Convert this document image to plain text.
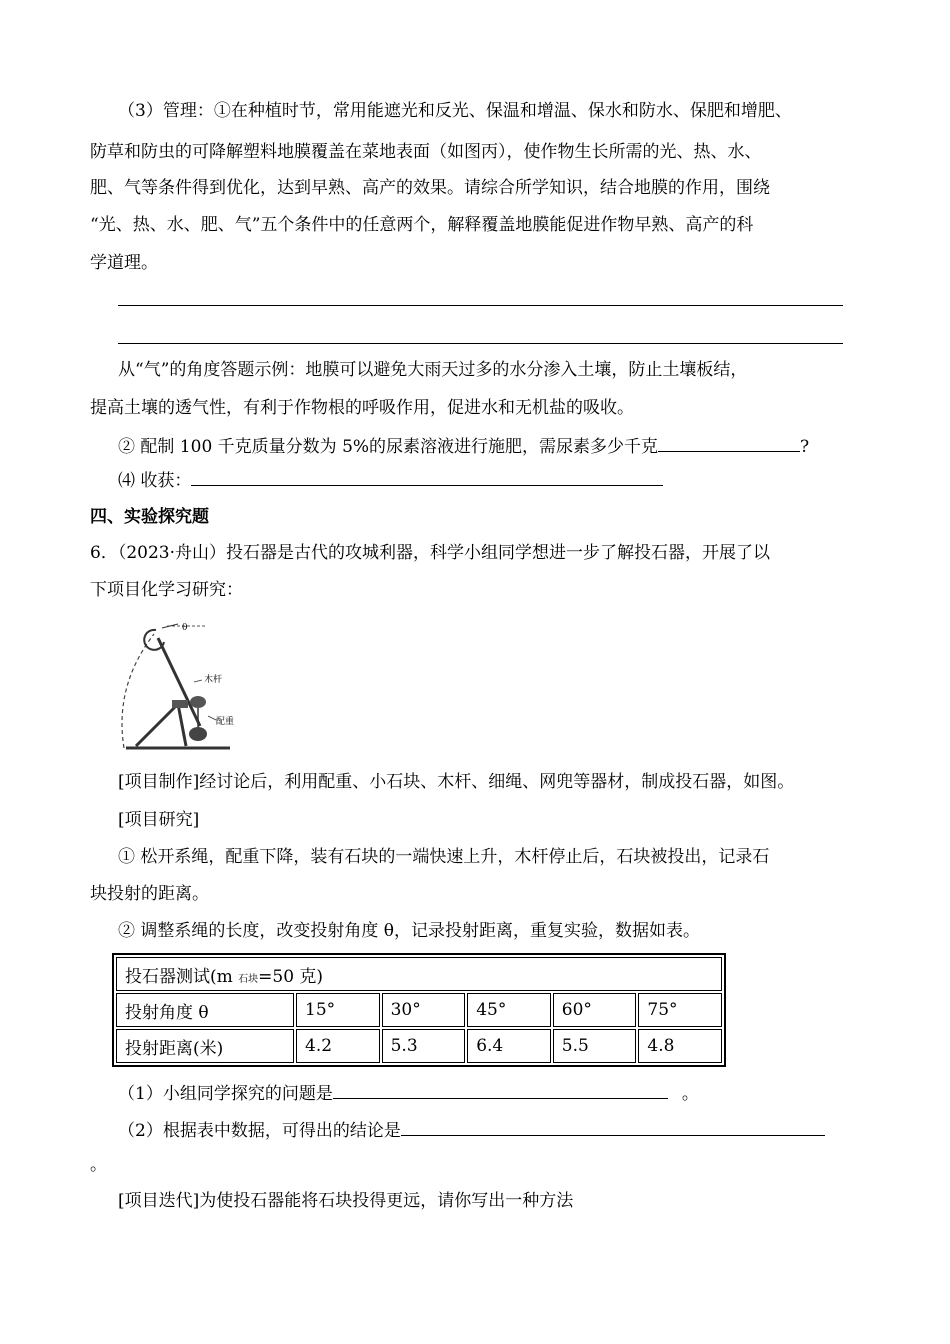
（3）管理：①在种植时节，常用能遮光和反光、保温和增温、保水和防水、保肥和增肥、
防草和防虫的可降解塑料地膜覆盖在菜地表面（如图丙），使作物生长所需的光、热、水、
肥、气等条件得到优化，达到早熟、高产的效果。请综合所学知识，结合地膜的作用，围绕
“光、热、水、肥、气”五个条件中的任意两个，解释覆盖地膜能促进作物早熟、高产的科
学道理。
从“气”的角度答题示例：地膜可以避免大雨天过多的水分渗入土壤，防止土壤板结，
提高土壤的透气性，有利于作物根的呼吸作用，促进水和无机盐的吸收。
② 配制 100 千克质量分数为 5%的尿素溶液进行施肥，需尿素多少千克	?
⑷ 收获：
四、实验探究题
6．（2023·舟山）投石器是古代的攻城利器，科学小组同学想进一步了解投石器，开展了以
下项目化学习研究：
θ
木杆
配重
[项目制作]经讨论后，利用配重、小石块、木杆、细绳、网兜等器材，制成投石器，如图。
[项目研究]
① 松开系绳，配重下降，装有石块的一端快速上升，木杆停止后，石块被投出，记录石
块投射的距离。
② 调整系绳的长度，改变投射角度 θ，记录投射距离，重复实验，数据如表。
投石器测试(m 石块=50 克)					
投射角度 θ	15°	30°	45°	60°	75°
投射距离(米)	4.2	5.3	6.4	5.5	4.8
（1）小组同学探究的问题是	。
（2）根据表中数据，可得出的结论是
。
[项目迭代]为使投石器能将石块投得更远，请你写出一种方法
